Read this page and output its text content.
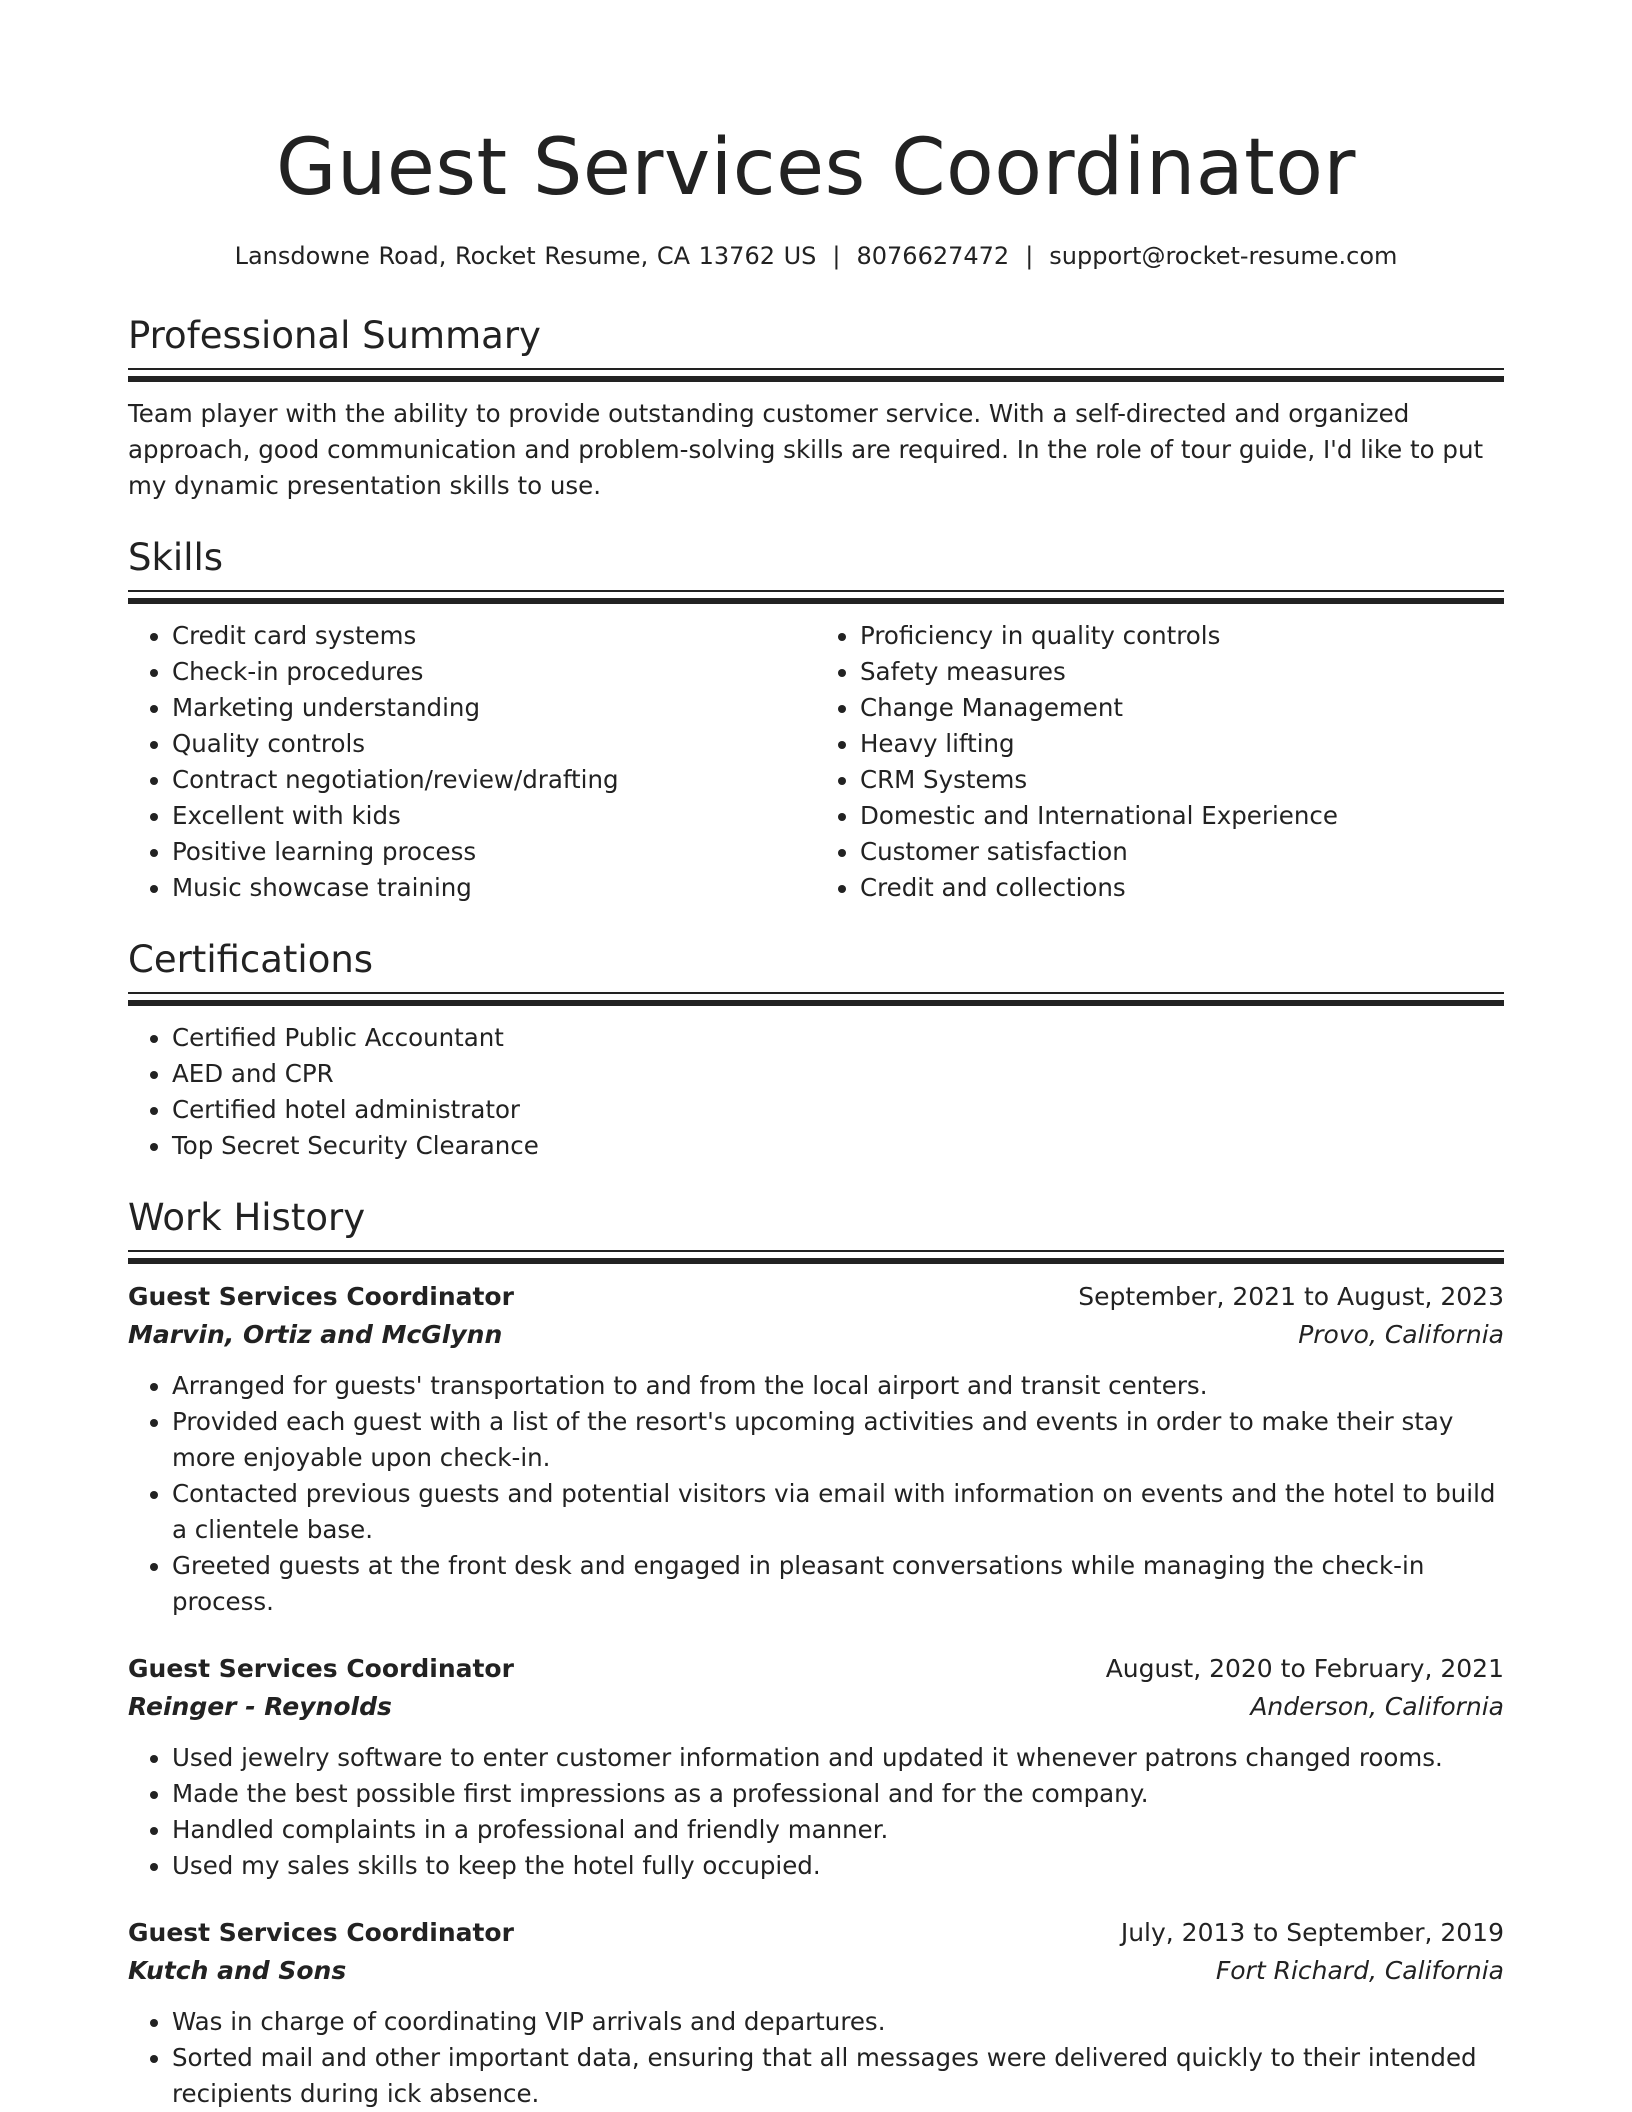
Guest Services Coordinator
Lansdowne Road, Rocket Resume, CA 13762 US | 8076627472 | support@rocket-resume.com
Professional Summary

Team player with the ability to provide outstanding customer service. With a self-directed and organized approach, good communication and problem-solving skills are required. In the role of tour guide, I'd like to put my dynamic presentation skills to use.

Skills
• Credit card systems
• Check-in procedures
• Marketing understanding
• Quality controls
• Contract negotiation/review/drafting
• Excellent with kids
• Positive learning process
• Music showcase training
• Proficiency in quality controls
• Safety measures
• Change Management
• Heavy lifting
• CRM Systems
• Domestic and International Experience
• Customer satisfaction
• Credit and collections
Certifications
• Certified Public Accountant
• AED and CPR
• Certified hotel administrator
• Top Secret Security Clearance
Work History
Guest Services Coordinator	September, 2021 to August, 2023
Marvin, Ortiz and McGlynn	Provo, California
• Arranged for guests' transportation to and from the local airport and transit centers.
• Provided each guest with a list of the resort's upcoming activities and events in order to make their stay more enjoyable upon check-in.
• Contacted previous guests and potential visitors via email with information on events and the hotel to build a clientele base.
• Greeted guests at the front desk and engaged in pleasant conversations while managing the check-in process.
Guest Services Coordinator	August, 2020 to February, 2021
Reinger - Reynolds	Anderson, California
• Used jewelry software to enter customer information and updated it whenever patrons changed rooms.
• Made the best possible first impressions as a professional and for the company.
• Handled complaints in a professional and friendly manner.
• Used my sales skills to keep the hotel fully occupied.
Guest Services Coordinator	July, 2013 to September, 2019
Kutch and Sons	Fort Richard, California
• Was in charge of coordinating VIP arrivals and departures.
• Sorted mail and other important data, ensuring that all messages were delivered quickly to their intended recipients during ick absence.
